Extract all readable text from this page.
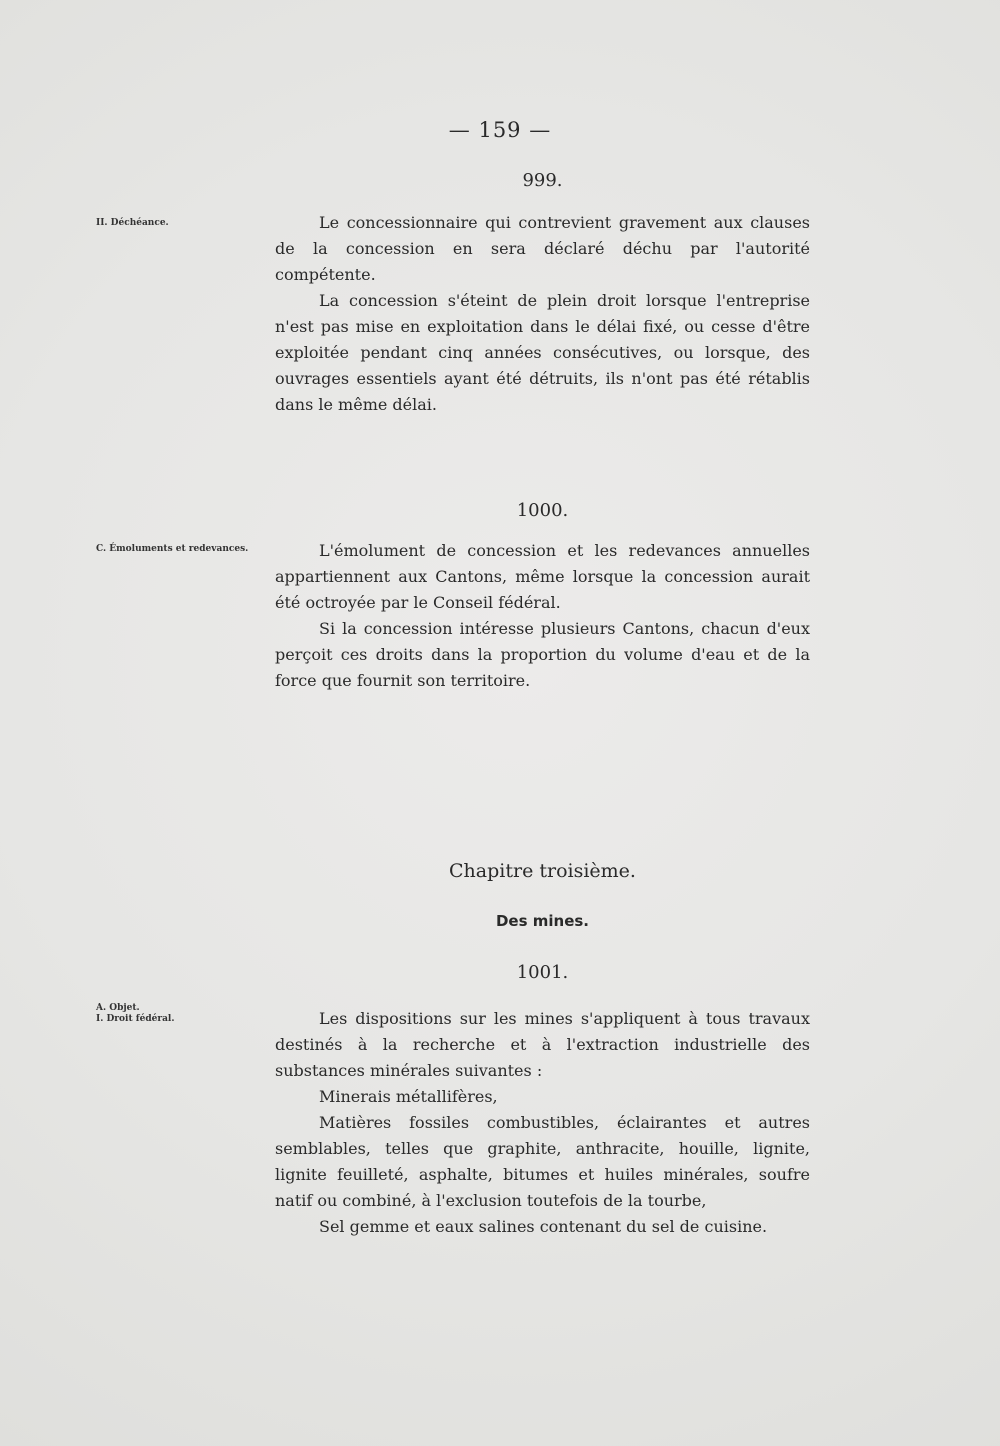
— 159 —
999.
II. Déchéance.	Le concessionnaire qui contrevient gravement aux clauses de la concession en sera déclaré déchu par l'autorité compétente.

La concession s'éteint de plein droit lorsque l'entreprise n'est pas mise en exploitation dans le délai fixé, ou cesse d'être exploitée pendant cinq années consécutives, ou lorsque, des ouvrages essentiels ayant été détruits, ils n'ont pas été rétablis dans le même délai.

1000.
C. Émoluments et redevances.	L'émolument de concession et les redevances annuelles appartiennent aux Cantons, même lorsque la concession aurait été octroyée par le Conseil fédéral.

Si la concession intéresse plusieurs Cantons, chacun d'eux perçoit ces droits dans la proportion du volume d'eau et de la force que fournit son territoire.

Chapitre troisième.
Des mines.
1001.
A. Objet.
I. Droit fédéral.	Les dispositions sur les mines s'appliquent à tous travaux destinés à la recherche et à l'extraction industrielle des substances minérales suivantes :

Minerais métallifères,

Matières fossiles combustibles, éclairantes et autres semblables, telles que graphite, anthracite, houille, lignite, lignite feuilleté, asphalte, bitumes et huiles minérales, soufre natif ou combiné, à l'exclusion toutefois de la tourbe,

Sel gemme et eaux salines contenant du sel de cuisine.
